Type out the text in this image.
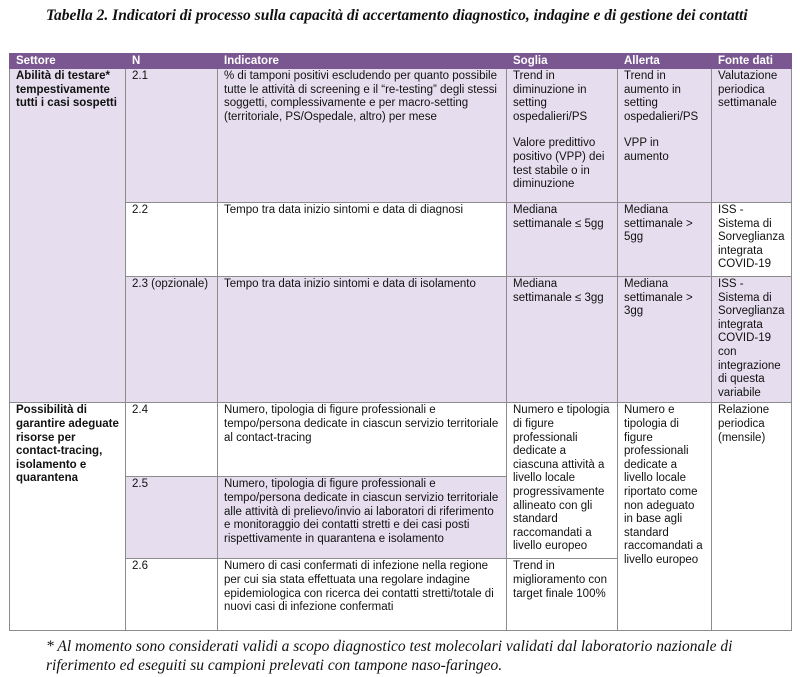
Tabella 2. Indicatori di processo sulla capacità di accertamento diagnostico, indagine e di gestione dei contatti
Settore	N	Indicatore	Soglia	Allerta	Fonte dati
Abilità di testare* tempestivamente tutti i casi sospetti	2.1	% di tamponi positivi escludendo per quanto possibile tutte le attività di screening e il “re-testing” degli stessi soggetti, complessivamente e per macro-setting (territoriale, PS/Ospedale, altro) per mese	Trend in diminuzione in setting ospedalieri/PS
Valore predittivo positivo (VPP) dei test stabile o in diminuzione	Trend in aumento in setting ospedalieri/PS
VPP in aumento	Valutazione periodica settimanale
	2.2	Tempo tra data inizio sintomi e data di diagnosi	Mediana settimanale ≤ 5gg	Mediana settimanale > 5gg	ISS - Sistema di Sorveglianza integrata COVID-19
	2.3 (opzionale)	Tempo tra data inizio sintomi e data di isolamento	Mediana settimanale ≤ 3gg	Mediana settimanale > 3gg	ISS - Sistema di Sorveglianza integrata COVID-19 con integrazione di questa variabile
Possibilità di garantire adeguate risorse per contact-tracing, isolamento e quarantena	2.4	Numero, tipologia di figure professionali e tempo/persona dedicate in ciascun servizio territoriale al contact-tracing	Numero e tipologia di figure professionali dedicate a ciascuna attività a livello locale progressivamente allineato con gli standard raccomandati a livello europeo	Numero e tipologia di figure professionali dedicate a livello locale riportato come non adeguato in base agli standard raccomandati a livello europeo	Relazione periodica (mensile)
	2.5	Numero, tipologia di figure professionali e tempo/persona dedicate in ciascun servizio territoriale alle attività di prelievo/invio ai laboratori di riferimento e monitoraggio dei contatti stretti e dei casi posti rispettivamente in quarantena e isolamento			
	2.6	Numero di casi confermati di infezione nella regione per cui sia stata effettuata una regolare indagine epidemiologica con ricerca dei contatti stretti/totale di nuovi casi di infezione confermati	Trend in miglioramento con target finale 100%		
* Al momento sono considerati validi a scopo diagnostico test molecolari validati dal laboratorio nazionale di riferimento ed eseguiti su campioni prelevati con tampone naso-faringeo.
